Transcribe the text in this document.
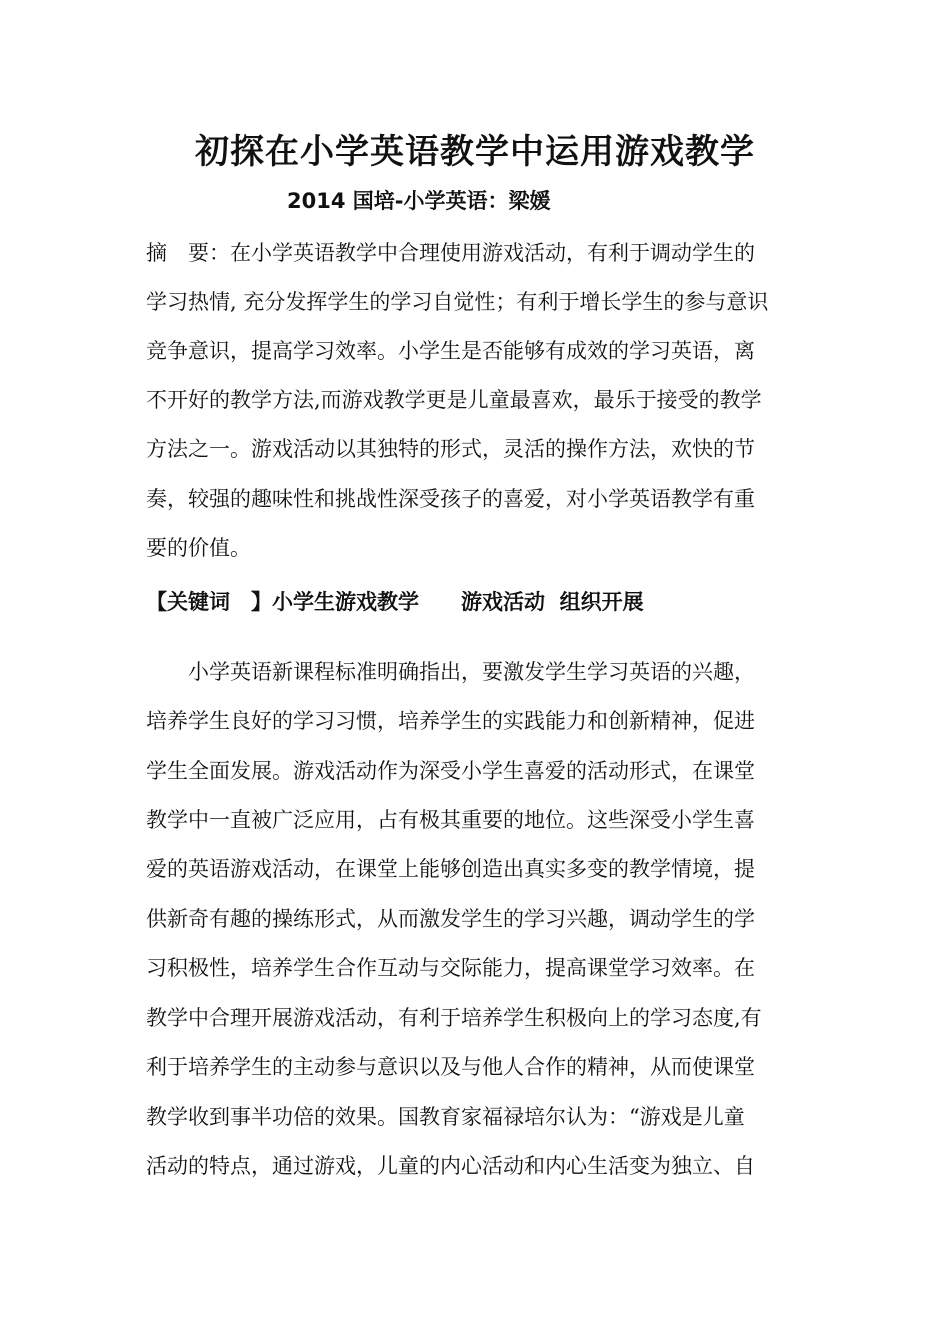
初探在小学英语教学中运用游戏教学
2014 国培-小学英语：梁媛
摘　要：在小学英语教学中合理使用游戏活动，有利于调动学生的
学习热情, 充分发挥学生的学习自觉性；有利于增长学生的参与意识
竞争意识，提高学习效率。小学生是否能够有成效的学习英语，离
不开好的教学方法,而游戏教学更是儿童最喜欢，最乐于接受的教学
方法之一。游戏活动以其独特的形式，灵活的操作方法，欢快的节
奏，较强的趣味性和挑战性深受孩子的喜爱，对小学英语教学有重
要的价值。
【关键词　】小学生游戏教学　　游戏活动  组织开展
　　小学英语新课程标准明确指出，要激发学生学习英语的兴趣，
培养学生良好的学习习惯，培养学生的实践能力和创新精神，促进
学生全面发展。游戏活动作为深受小学生喜爱的活动形式，在课堂
教学中一直被广泛应用，占有极其重要的地位。这些深受小学生喜
爱的英语游戏活动，在课堂上能够创造出真实多变的教学情境，提
供新奇有趣的操练形式，从而激发学生的学习兴趣，调动学生的学
习积极性，培养学生合作互动与交际能力，提高课堂学习效率。在
教学中合理开展游戏活动，有利于培养学生积极向上的学习态度,有
利于培养学生的主动参与意识以及与他人合作的精神，从而使课堂
教学收到事半功倍的效果。国教育家福禄培尔认为：“游戏是儿童
活动的特点，通过游戏，儿童的内心活动和内心生活变为独立、自
